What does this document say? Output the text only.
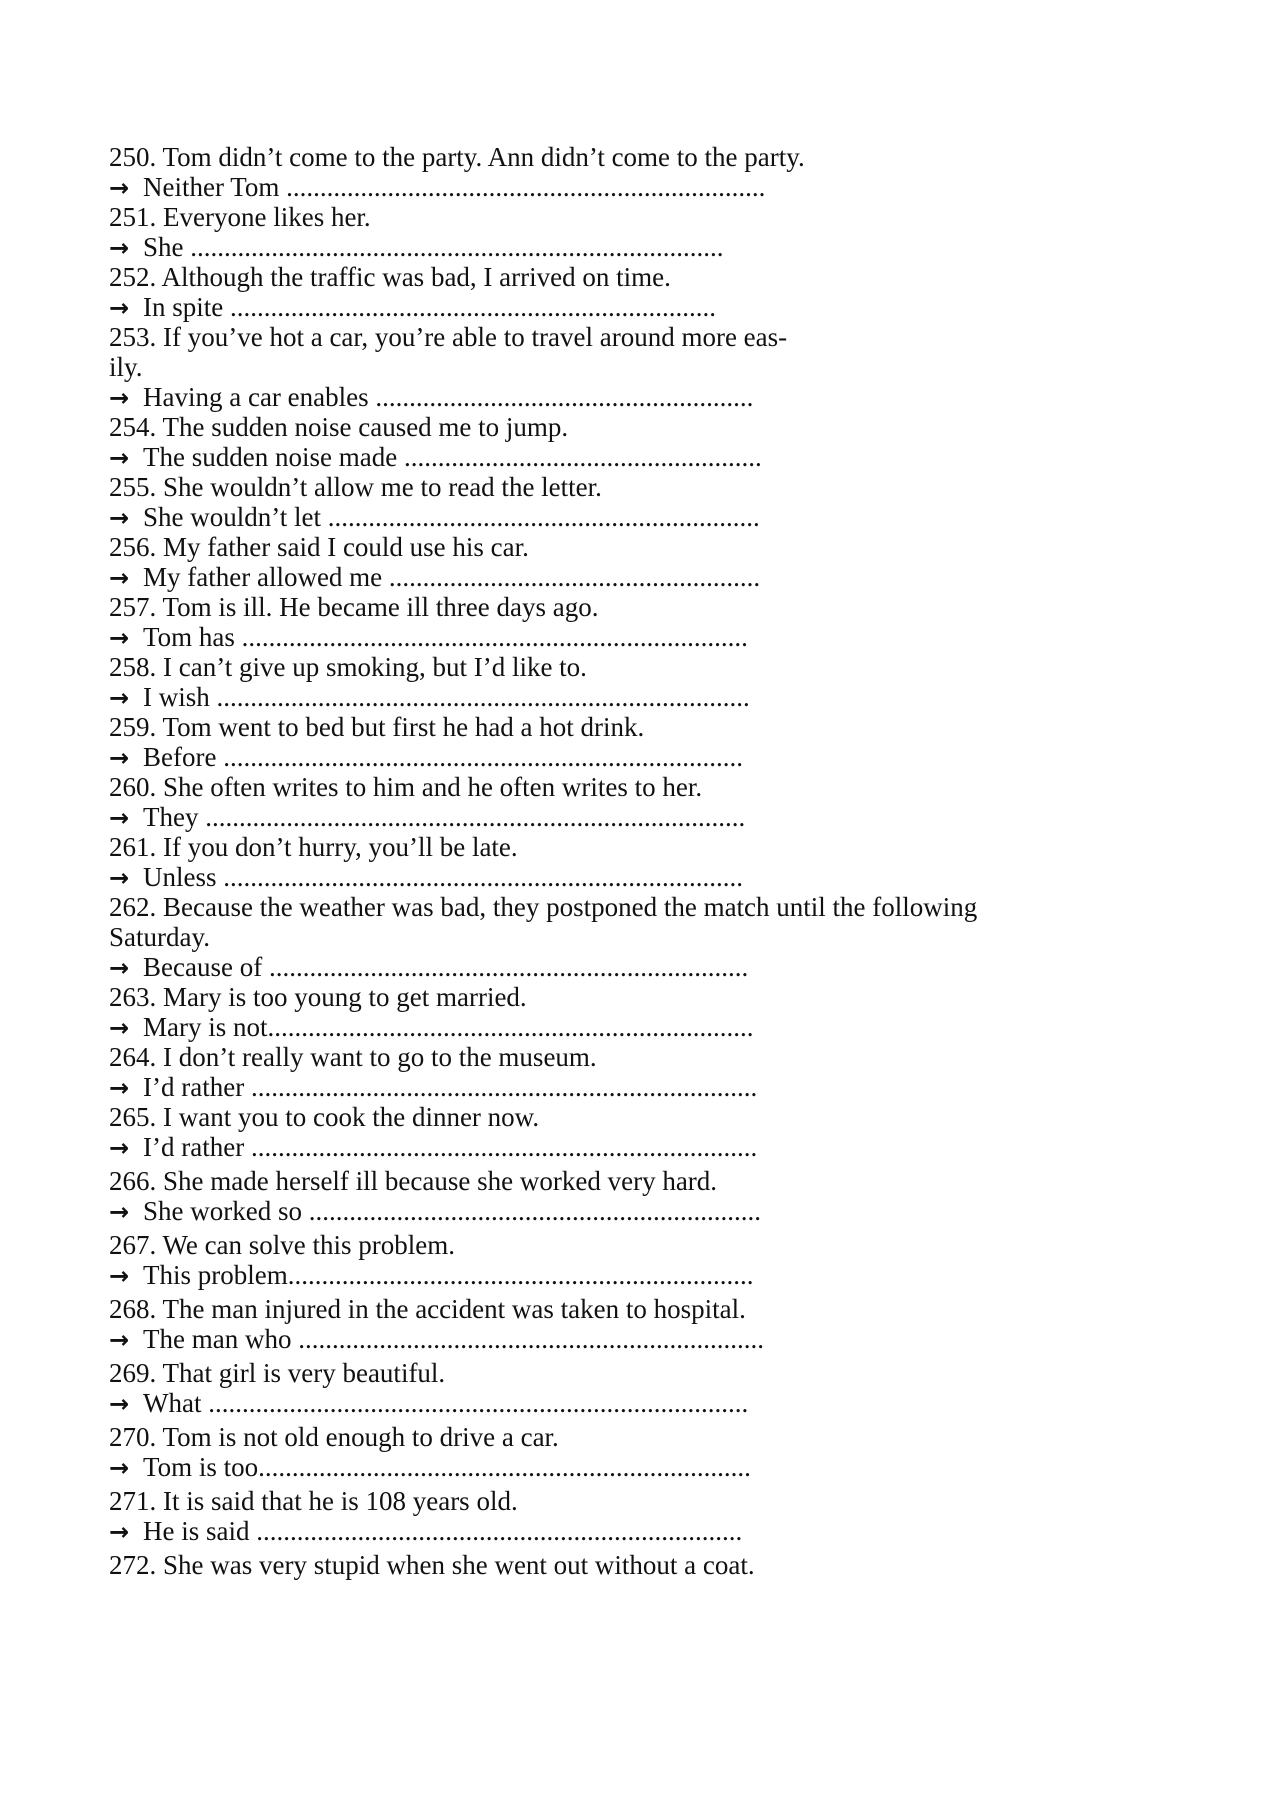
250. Tom didn’t come to the party. Ann didn’t come to the party.
→ Neither Tom .......................................................................
251. Everyone likes her.
→ She ...............................................................................
252. Although the traffic was bad, I arrived on time.
→ In spite ........................................................................
253. If you’ve hot a car, you’re able to travel around more eas-
ily.
→ Having a car enables ........................................................
254. The sudden noise caused me to jump.
→ The sudden noise made .....................................................
255. She wouldn’t allow me to read the letter.
→ She wouldn’t let ................................................................
256. My father said I could use his car.
→ My father allowed me .......................................................
257. Tom is ill. He became ill three days ago.
→ Tom has ...........................................................................
258. I can’t give up smoking, but I’d like to.
→ I wish ...............................................................................
259. Tom went to bed but first he had a hot drink.
→ Before .............................................................................
260. She often writes to him and he often writes to her.
→ They ................................................................................
261. If you don’t hurry, you’ll be late.
→ Unless .............................................................................
262. Because the weather was bad, they postponed the match until the following
Saturday.
→ Because of .......................................................................
263. Mary is too young to get married.
→ Mary is not........................................................................
264. I don’t really want to go to the museum.
→ I’d rather ...........................................................................
265. I want you to cook the dinner now.
→ I’d rather ...........................................................................
266. She made herself ill because she worked very hard.
→ She worked so ...................................................................
267. We can solve this problem.
→ This problem.....................................................................
268. The man injured in the accident was taken to hospital.
→ The man who .....................................................................
269. That girl is very beautiful.
→ What ................................................................................
270. Tom is not old enough to drive a car.
→ Tom is too.........................................................................
271. It is said that he is 108 years old.
→ He is said ........................................................................
272. She was very stupid when she went out without a coat.
